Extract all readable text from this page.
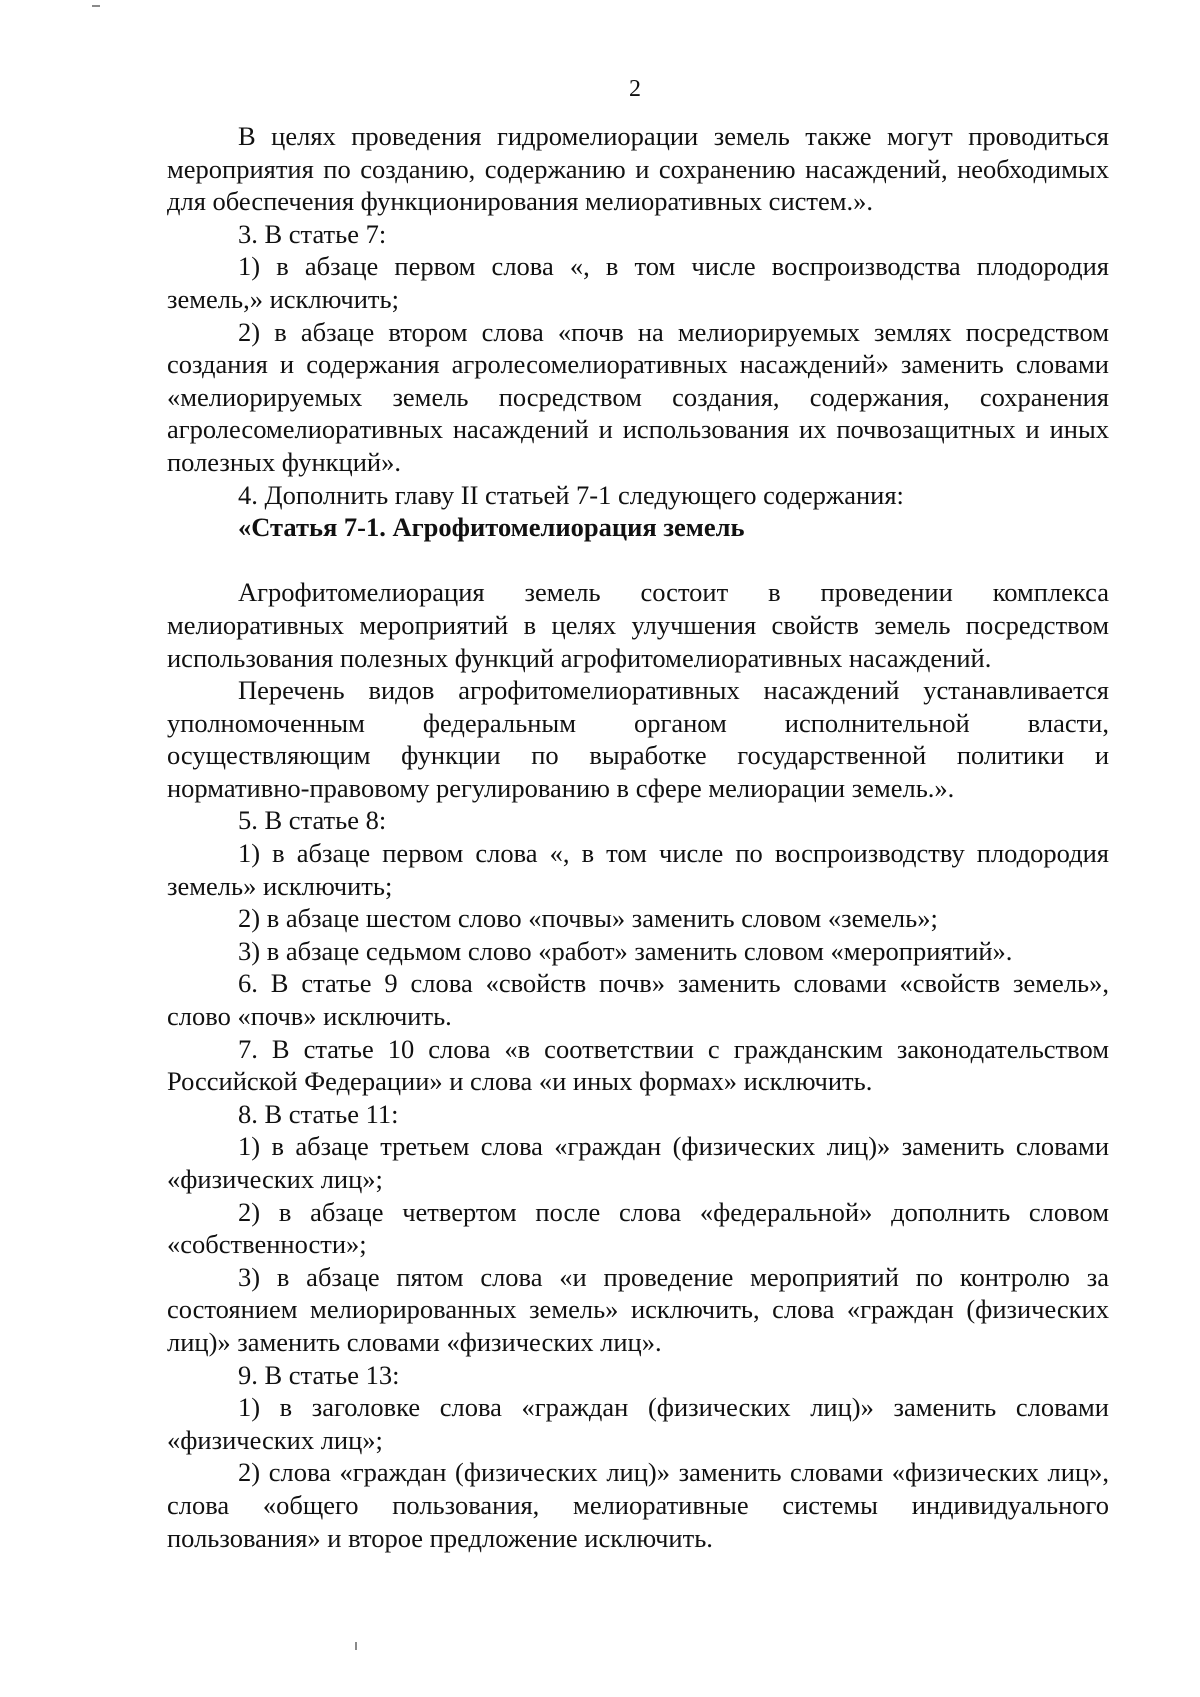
2

В целях проведения гидромелиорации земель также могут проводиться мероприятия по созданию, содержанию и сохранению насаждений, необходимых для обеспечения функционирования мелиоративных систем.».

3. В статье 7:

1) в абзаце первом слова «, в том числе воспроизводства плодородия земель,» исключить;

2) в абзаце втором слова «почв на мелиорируемых землях посредством создания и содержания агролесомелиоративных насаждений» заменить словами «мелиорируемых земель посредством создания, содержания, сохранения агролесомелиоративных насаждений и использования их почвозащитных и иных полезных функций».

4. Дополнить главу II статьей 7-1 следующего содержания:

«Статья 7-1. Агрофитомелиорация земель

Агрофитомелиорация земель состоит в проведении комплекса мелиоративных мероприятий в целях улучшения свойств земель посредством использования полезных функций агрофитомелиоративных насаждений.

Перечень видов агрофитомелиоративных насаждений устанавливается уполномоченным федеральным органом исполнительной власти, осуществляющим функции по выработке государственной политики и нормативно-правовому регулированию в сфере мелиорации земель.».

5. В статье 8:

1) в абзаце первом слова «, в том числе по воспроизводству плодородия земель» исключить;

2) в абзаце шестом слово «почвы» заменить словом «земель»;

3) в абзаце седьмом слово «работ» заменить словом «мероприятий».

6. В статье 9 слова «свойств почв» заменить словами «свойств земель», слово «почв» исключить.

7. В статье 10 слова «в соответствии с гражданским законодательством Российской Федерации» и слова «и иных формах» исключить.

8. В статье 11:

1) в абзаце третьем слова «граждан (физических лиц)» заменить словами «физических лиц»;

2) в абзаце четвертом после слова «федеральной» дополнить словом «собственности»;

3) в абзаце пятом слова «и проведение мероприятий по контролю за состоянием мелиорированных земель» исключить, слова «граждан (физических лиц)» заменить словами «физических лиц».

9. В статье 13:

1) в заголовке слова «граждан (физических лиц)» заменить словами «физических лиц»;

2) слова «граждан (физических лиц)» заменить словами «физических лиц», слова «общего пользования, мелиоративные системы индивидуального пользования» и второе предложение исключить.
